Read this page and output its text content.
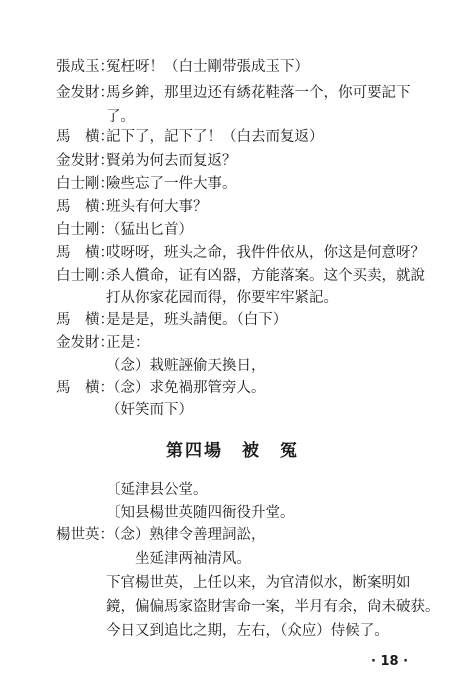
張成玉：
冤枉呀！（白士剛带張成玉下）
金发財：
馬乡鉾，那里边还有綉花鞋落一个，你可要記下
了。
馬　横：
記下了，記下了！（白去而复返）
金发財：
賢弟为何去而复返？
白士剛：
險些忘了一件大事。
馬　横：
班头有何大事？
白士剛：
（猛出匕首）
馬　横：
哎呀呀，班头之命，我件件依从，你这是何意呀？
白士剛：
杀人償命，证有凶器，方能落案。这个买卖，就說
打从你家花园而得，你要牢牢紧記。
馬　横：
是是是，班头請便。（白下）
金发財：
正是：
（念）栽赃誣偷天換日，
馬　横：
（念）求免禍那管旁人。
（奸笑而下）
第四場　被　冤
〔延津县公堂。
〔知县楊世英随四衙役升堂。
楊世英：
（念）熟律令善理詞訟，
　　坐延津两袖清风。
下官楊世英，上任以来，为官清似水，断案明如
鏡，偏偏馬家盗財害命一案，半月有余，尙未破获。
今日又到追比之期，左右，（众应）侍候了。
· 18 ·
